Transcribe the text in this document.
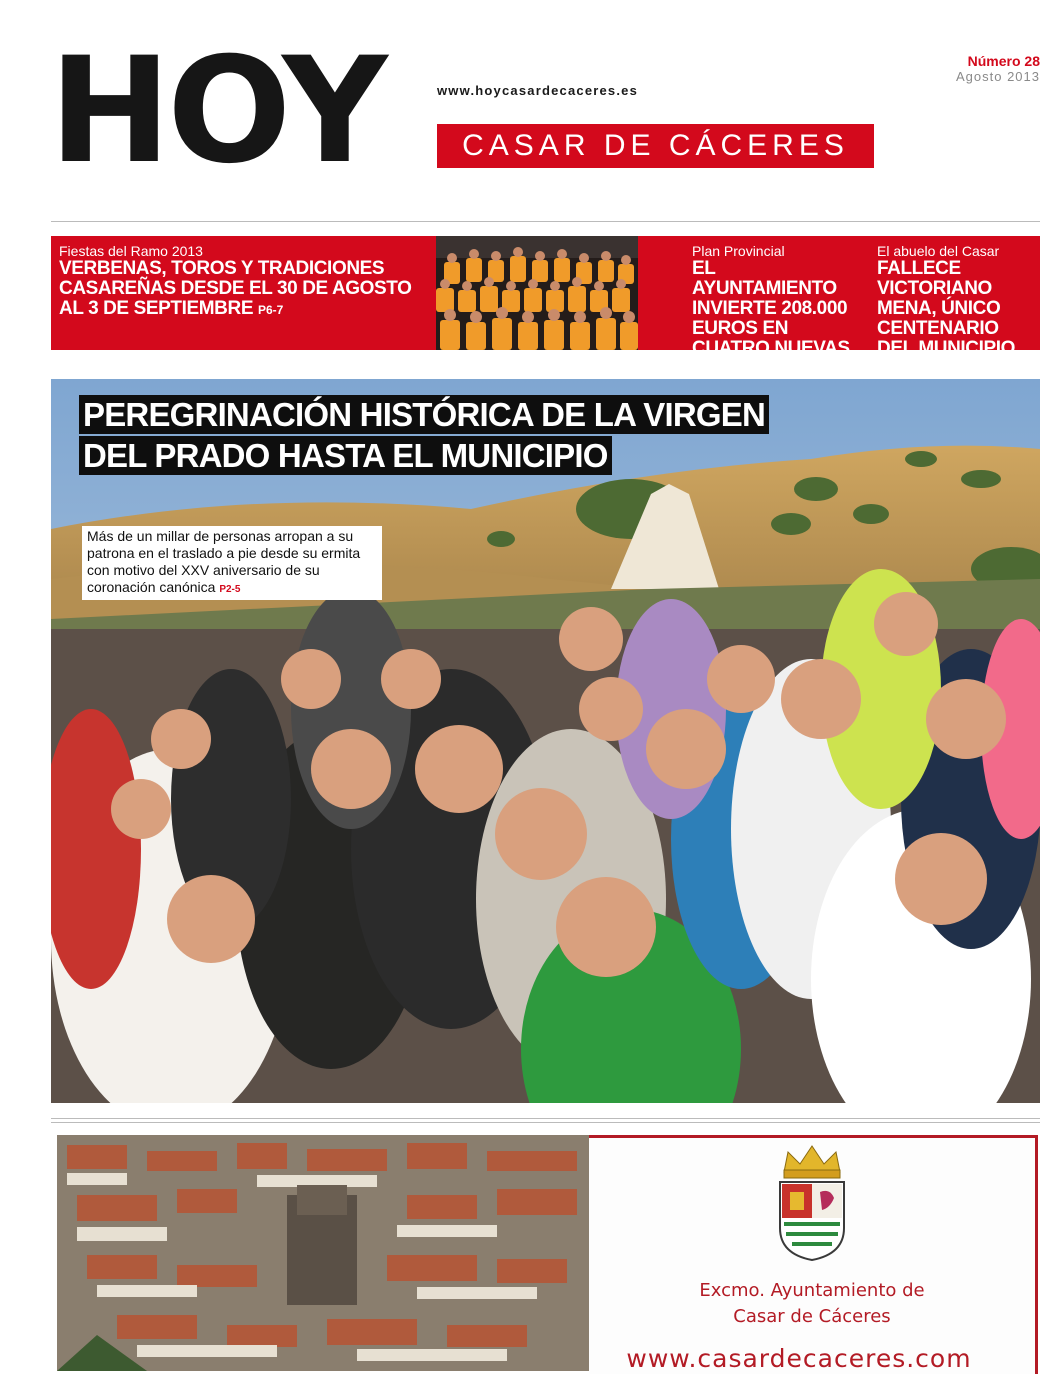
HOY	www.hoycasardecaceres.es
CASAR DE CÁCERES
Número 28
Agosto 2013
Fiestas del Ramo 2013
VERBENAS, TOROS Y TRADICIONES CASAREÑAS DESDE EL 30 DE AGOSTO AL 3 DE SEPTIEMBRE P6-7
Plan Provincial
EL AYUNTAMIENTO INVIERTE 208.000 EUROS EN CUATRO NUEVAS OBRAS P14
El abuelo del Casar
FALLECE VICTORIANO MENA, ÚNICO CENTENARIO DEL MUNICIPIO P13
PEREGRINACIÓN HISTÓRICA DE LA VIRGEN
DEL PRADO HASTA EL MUNICIPIO
Más de un millar de personas arropan a su patrona en el traslado a pie desde su ermita con motivo del XXV aniversario de su coronación canónica P2-5
Excmo. Ayuntamiento de
Casar de Cáceres
www.casardecaceres.com
